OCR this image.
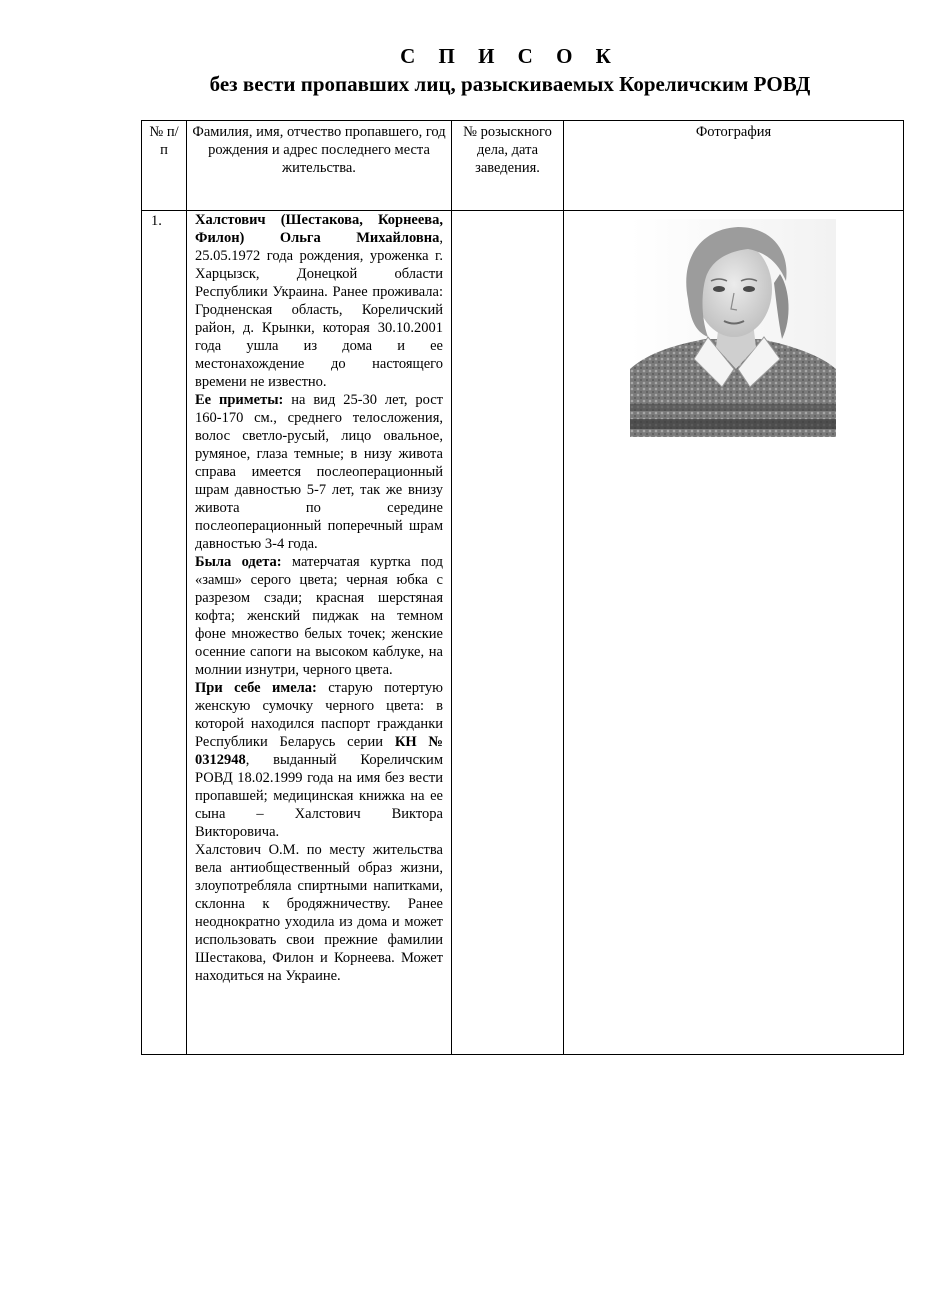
С П И С О К
без вести пропавших лиц, разыскиваемых Кореличским РОВД
№ п/п	Фамилия, имя, отчество пропавшего, год рождения и адрес последнего места жительства.	№ розыскного дела, дата заведения.	Фотография

1.	Халстович (Шестакова, Корнеева, Филон) Ольга Михайловна, 25.05.1972 года рождения, уроженка г. Харцызск, Донецкой области Республики Украина. Ранее проживала: Гродненская область, Кореличский район, д. Крынки, которая 30.10.2001 года ушла из дома и ее местонахождение до настоящего времени не известно.

Ее приметы: на вид 25-30 лет, рост 160-170 см., среднего телосложения, волос светло-русый, лицо овальное, румяное, глаза темные; в низу живота справа имеется послеоперационный шрам давностью 5-7 лет, так же внизу живота по середине послеоперационный поперечный шрам давностью 3-4 года.

Была одета: матерчатая куртка под «замш» серого цвета; черная юбка с разрезом сзади; красная шерстяная кофта; женский пиджак на темном фоне множество белых точек; женские осенние сапоги на высоком каблуке, на молнии изнутри, черного цвета.

При себе имела: старую потертую женскую сумочку черного цвета: в которой находился паспорт гражданки Республики Беларусь серии КН № 0312948, выданный Кореличским РОВД 18.02.1999 года на имя без вести пропавшей; медицинская книжка на ее сына – Халстович Виктора Викторовича.

Халстович О.М. по месту жительства вела антиобщественный образ жизни, злоупотребляла спиртными напитками, склонна к бродяжничеству. Ранее неоднократно уходила из дома и может использовать свои прежние фамилии Шестакова, Филон и Корнеева. Может находиться на Украине.
